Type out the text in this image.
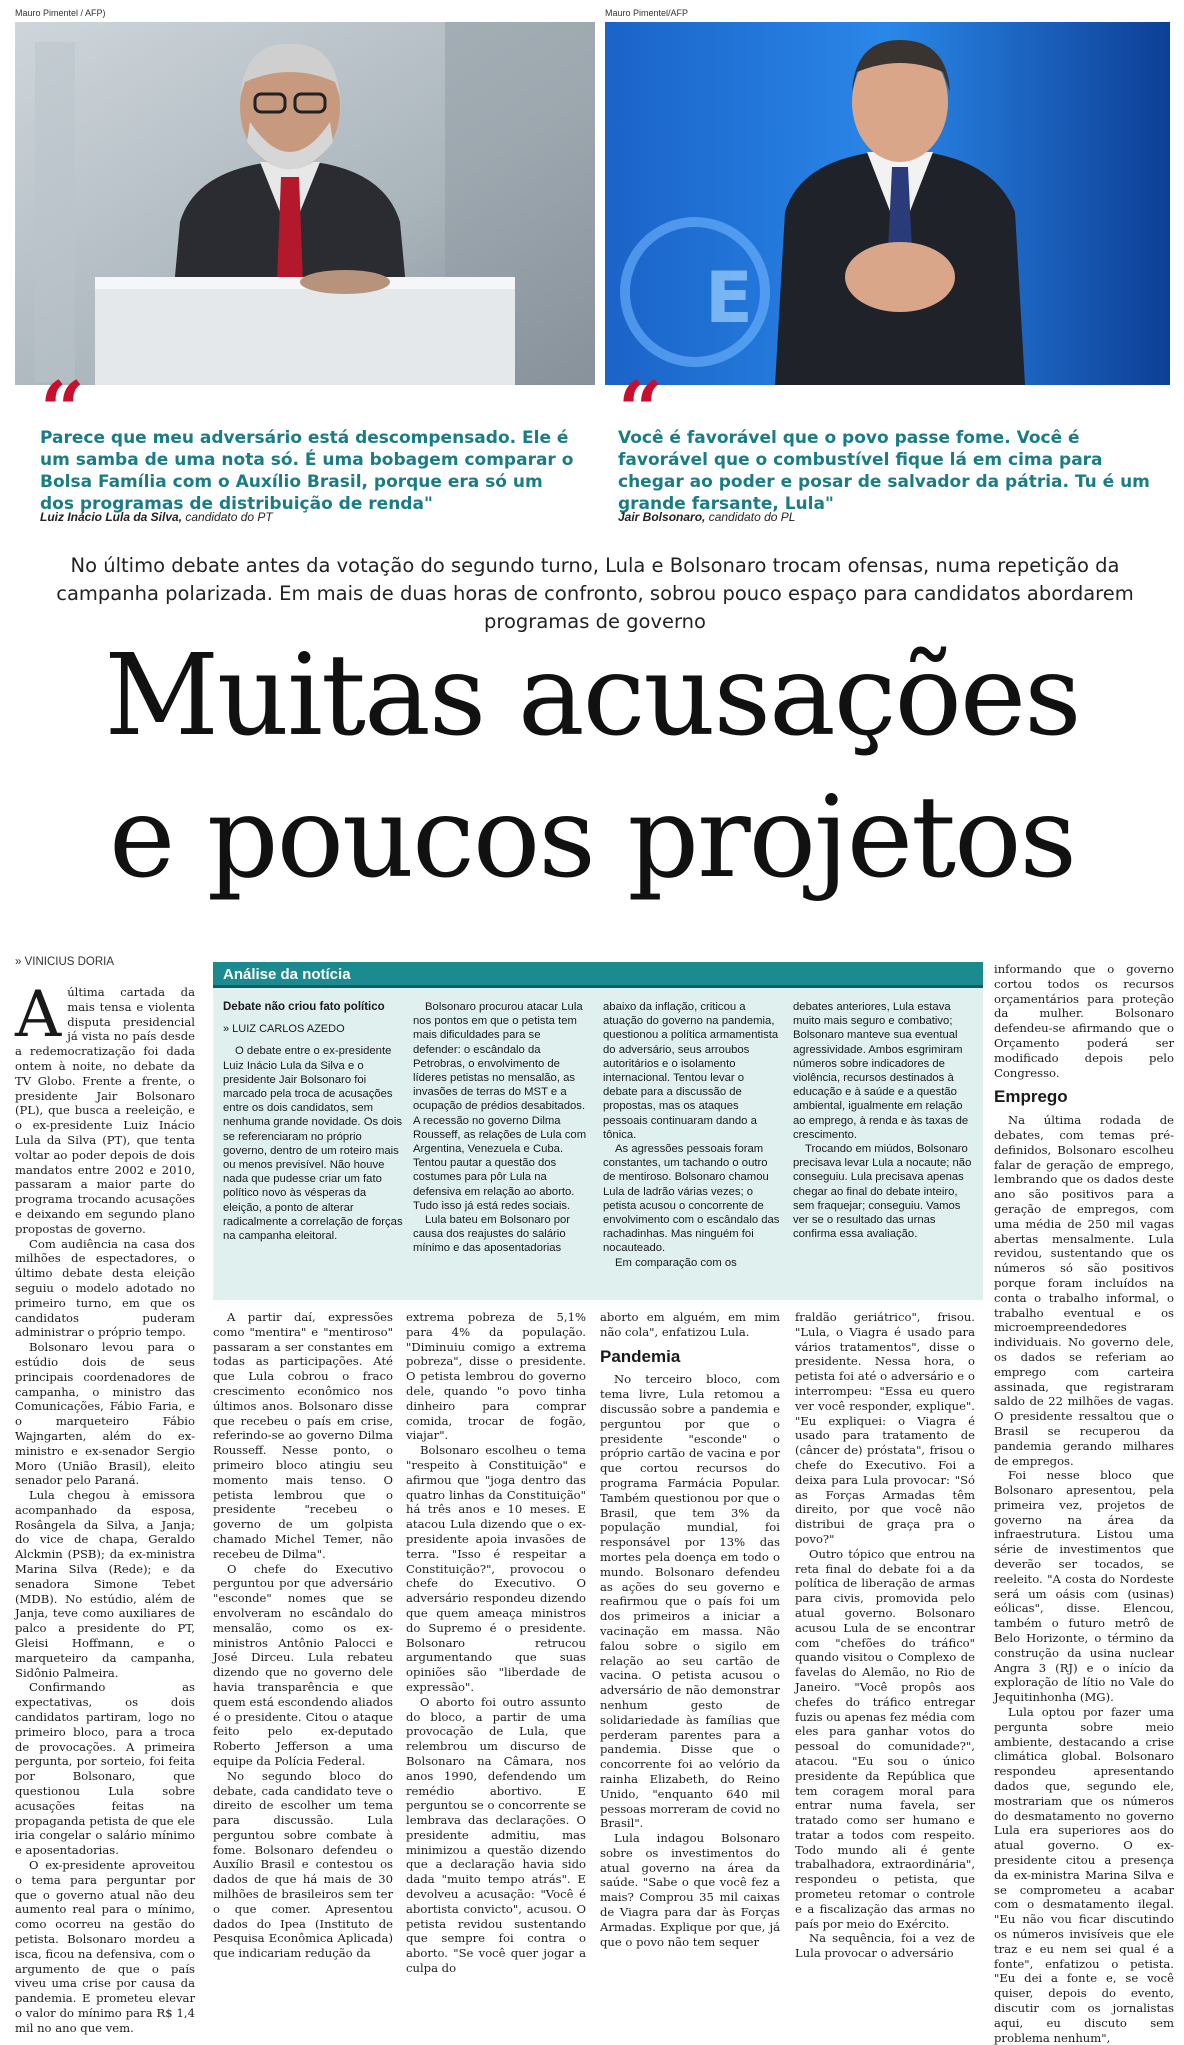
Mauro Pimentel / AFP)	Mauro Pimentel/AFP
E
“	“
Parece que meu adversário está descompensado. Ele é um samba de uma nota só. É uma bobagem comparar o Bolsa Família com o Auxílio Brasil, porque era só um dos programas de distribuição de renda"
Você é favorável que o povo passe fome. Você é favorável que o combustível fique lá em cima para chegar ao poder e posar de salvador da pátria. Tu é um grande farsante, Lula"
Luiz Inácio Lula da Silva, candidato do PT	Jair Bolsonaro, candidato do PL
No último debate antes da votação do segundo turno, Lula e Bolsonaro trocam ofensas, numa repetição da campanha polarizada. Em mais de duas horas de confronto, sobrou pouco espaço para candidatos abordarem programas de governo
Muitas acusações
e poucos projetos
» VINICIUS DORIA

Aúltima cartada da mais tensa e violenta disputa presidencial já vista no país desde a redemocratização foi dada ontem à noite, no debate da TV Globo. Frente a frente, o presidente Jair Bolsonaro (PL), que busca a reeleição, e o ex-presidente Luiz Inácio Lula da Silva (PT), que tenta voltar ao poder depois de dois mandatos entre 2002 e 2010, passaram a maior parte do programa trocando acusações e deixando em segundo plano propostas de governo.

Com audiência na casa dos milhões de espectadores, o último debate desta eleição seguiu o modelo adotado no primeiro turno, em que os candidatos puderam administrar o próprio tempo.

Bolsonaro levou para o estúdio dois de seus principais coordenadores de campanha, o ministro das Comunicações, Fábio Faria, e o marqueteiro Fábio Wajngarten, além do ex-ministro e ex-senador Sergio Moro (União Brasil), eleito senador pelo Paraná.

Lula chegou à emissora acompanhado da esposa, Rosângela da Silva, a Janja; do vice de chapa, Geraldo Alckmin (PSB); da ex-ministra Marina Silva (Rede); e da senadora Simone Tebet (MDB). No estúdio, além de Janja, teve como auxiliares de palco a presidente do PT, Gleisi Hoffmann, e o marqueteiro da campanha, Sidônio Palmeira.

Confirmando as expectativas, os dois candidatos partiram, logo no primeiro bloco, para a troca de provocações. A primeira pergunta, por sorteio, foi feita por Bolsonaro, que questionou Lula sobre acusações feitas na propaganda petista de que ele iria congelar o salário mínimo e aposentadorias.

O ex-presidente aproveitou o tema para perguntar por que o governo atual não deu aumento real para o mínimo, como ocorreu na gestão do petista. Bolsonaro mordeu a isca, ficou na defensiva, com o argumento de que o país viveu uma crise por causa da pandemia. E prometeu elevar o valor do mínimo para R$ 1,4 mil no ano que vem.

Análise da notícia
Debate não criou fato político
» LUIZ CARLOS AZEDO

O debate entre o ex-presidente Luiz Inácio Lula da Silva e o presidente Jair Bolsonaro foi marcado pela troca de acusações entre os dois candidatos, sem nenhuma grande novidade. Os dois se referenciaram no próprio governo, dentro de um roteiro mais ou menos previsível. Não houve nada que pudesse criar um fato político novo às vésperas da eleição, a ponto de alterar radicalmente a correlação de forças na campanha eleitoral.

Bolsonaro procurou atacar Lula nos pontos em que o petista tem mais dificuldades para se defender: o escândalo da Petrobras, o envolvimento de líderes petistas no mensalão, as invasões de terras do MST e a ocupação de prédios desabitados. A recessão no governo Dilma Rousseff, as relações de Lula com Argentina, Venezuela e Cuba. Tentou pautar a questão dos costumes para pôr Lula na defensiva em relação ao aborto. Tudo isso já está redes sociais.

Lula bateu em Bolsonaro por causa dos reajustes do salário mínimo e das aposentadorias

abaixo da inflação, criticou a atuação do governo na pandemia, questionou a política armamentista do adversário, seus arroubos autoritários e o isolamento internacional. Tentou levar o debate para a discussão de propostas, mas os ataques pessoais continuaram dando a tônica.

As agressões pessoais foram constantes, um tachando o outro de mentiroso. Bolsonaro chamou Lula de ladrão várias vezes; o petista acusou o concorrente de envolvimento com o escândalo das rachadinhas. Mas ninguém foi nocauteado.

Em comparação com os

debates anteriores, Lula estava muito mais seguro e combativo; Bolsonaro manteve sua eventual agressividade. Ambos esgrimiram números sobre indicadores de violência, recursos destinados à educação e à saúde e a questão ambiental, igualmente em relação ao emprego, à renda e às taxas de crescimento.

Trocando em miúdos, Bolsonaro precisava levar Lula a nocaute; não conseguiu. Lula precisava apenas chegar ao final do debate inteiro, sem fraquejar; conseguiu. Vamos ver se o resultado das urnas confirma essa avaliação.

A partir daí, expressões como "mentira" e "mentiroso" passaram a ser constantes em todas as participações. Até que Lula cobrou o fraco crescimento econômico nos últimos anos. Bolsonaro disse que recebeu o país em crise, referindo-se ao governo Dilma Rousseff. Nesse ponto, o primeiro bloco atingiu seu momento mais tenso. O petista lembrou que o presidente "recebeu o governo de um golpista chamado Michel Temer, não recebeu de Dilma".

O chefe do Executivo perguntou por que adversário "esconde" nomes que se envolveram no escândalo do mensalão, como os ex-ministros Antônio Palocci e José Dirceu. Lula rebateu dizendo que no governo dele havia transparência e que quem está escondendo aliados é o presidente. Citou o ataque feito pelo ex-deputado Roberto Jefferson a uma equipe da Polícia Federal.

No segundo bloco do debate, cada candidato teve o direito de escolher um tema para discussão. Lula perguntou sobre combate à fome. Bolsonaro defendeu o Auxílio Brasil e contestou os dados de que há mais de 30 milhões de brasileiros sem ter o que comer. Apresentou dados do Ipea (Instituto de Pesquisa Econômica Aplicada) que indicariam redução da

extrema pobreza de 5,1% para 4% da população. "Diminuiu comigo a extrema pobreza", disse o presidente. O petista lembrou do governo dele, quando "o povo tinha dinheiro para comprar comida, trocar de fogão, viajar".

Bolsonaro escolheu o tema "respeito à Constituição" e afirmou que "joga dentro das quatro linhas da Constituição" há três anos e 10 meses. E atacou Lula dizendo que o ex-presidente apoia invasões de terra. "Isso é respeitar a Constituição?", provocou o chefe do Executivo. O adversário respondeu dizendo que quem ameaça ministros do Supremo é o presidente. Bolsonaro retrucou argumentando que suas opiniões são "liberdade de expressão".

O aborto foi outro assunto do bloco, a partir de uma provocação de Lula, que relembrou um discurso de Bolsonaro na Câmara, nos anos 1990, defendendo um remédio abortivo. E perguntou se o concorrente se lembrava das declarações. O presidente admitiu, mas minimizou a questão dizendo que a declaração havia sido dada "muito tempo atrás". E devolveu a acusação: "Você é abortista convicto", acusou. O petista revidou sustentando que sempre foi contra o aborto. "Se você quer jogar a culpa do

aborto em alguém, em mim não cola", enfatizou Lula.

Pandemia

No terceiro bloco, com tema livre, Lula retomou a discussão sobre a pandemia e perguntou por que o presidente "esconde" o próprio cartão de vacina e por que cortou recursos do programa Farmácia Popular. Também questionou por que o Brasil, que tem 3% da população mundial, foi responsável por 13% das mortes pela doença em todo o mundo. Bolsonaro defendeu as ações do seu governo e reafirmou que o país foi um dos primeiros a iniciar a vacinação em massa. Não falou sobre o sigilo em relação ao seu cartão de vacina. O petista acusou o adversário de não demonstrar nenhum gesto de solidariedade às famílias que perderam parentes para a pandemia. Disse que o concorrente foi ao velório da rainha Elizabeth, do Reino Unido, "enquanto 640 mil pessoas morreram de covid no Brasil".

Lula indagou Bolsonaro sobre os investimentos do atual governo na área da saúde. "Sabe o que você fez a mais? Comprou 35 mil caixas de Viagra para dar às Forças Armadas. Explique por que, já que o povo não tem sequer

fraldão geriátrico", frisou. "Lula, o Viagra é usado para vários tratamentos", disse o presidente. Nessa hora, o petista foi até o adversário e o interrompeu: "Essa eu quero ver você responder, explique". "Eu expliquei: o Viagra é usado para tratamento de (câncer de) próstata", frisou o chefe do Executivo. Foi a deixa para Lula provocar: "Só as Forças Armadas têm direito, por que você não distribui de graça pra o povo?"

Outro tópico que entrou na reta final do debate foi a da política de liberação de armas para civis, promovida pelo atual governo. Bolsonaro acusou Lula de se encontrar com "chefões do tráfico" quando visitou o Complexo de favelas do Alemão, no Rio de Janeiro. "Você propôs aos chefes do tráfico entregar fuzis ou apenas fez média com eles para ganhar votos do pessoal do comunidade?", atacou. "Eu sou o único presidente da República que tem coragem moral para entrar numa favela, ser tratado como ser humano e tratar a todos com respeito. Todo mundo ali é gente trabalhadora, extraordinária", respondeu o petista, que prometeu retomar o controle e a fiscalização das armas no país por meio do Exército.

Na sequência, foi a vez de Lula provocar o adversário

informando que o governo cortou todos os recursos orçamentários para proteção da mulher. Bolsonaro defendeu-se afirmando que o Orçamento poderá ser modificado depois pelo Congresso.

Emprego

Na última rodada de debates, com temas pré-definidos, Bolsonaro escolheu falar de geração de emprego, lembrando que os dados deste ano são positivos para a geração de empregos, com uma média de 250 mil vagas abertas mensalmente. Lula revidou, sustentando que os números só são positivos porque foram incluídos na conta o trabalho informal, o trabalho eventual e os microempreendedores individuais. No governo dele, os dados se referiam ao emprego com carteira assinada, que registraram saldo de 22 milhões de vagas. O presidente ressaltou que o Brasil se recuperou da pandemia gerando milhares de empregos.

Foi nesse bloco que Bolsonaro apresentou, pela primeira vez, projetos de governo na área da infraestrutura. Listou uma série de investimentos que deverão ser tocados, se reeleito. "A costa do Nordeste será um oásis com (usinas) eólicas", disse. Elencou, também o futuro metrô de Belo Horizonte, o término da construção da usina nuclear Angra 3 (RJ) e o início da exploração de lítio no Vale do Jequitinhonha (MG).

Lula optou por fazer uma pergunta sobre meio ambiente, destacando a crise climática global. Bolsonaro respondeu apresentando dados que, segundo ele, mostrariam que os números do desmatamento no governo Lula era superiores aos do atual governo. O ex-presidente citou a presença da ex-ministra Marina Silva e se comprometeu a acabar com o desmatamento ilegal. "Eu não vou ficar discutindo os números invisíveis que ele traz e eu nem sei qual é a fonte", enfatizou o petista. "Eu dei a fonte e, se você quiser, depois do evento, discutir com os jornalistas aqui, eu discuto sem problema nenhum",
